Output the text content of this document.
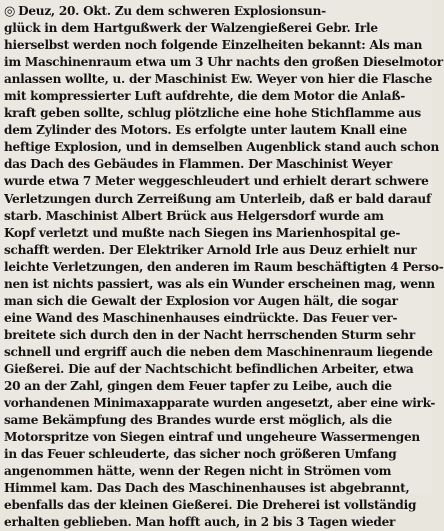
◎ Deuz, 20. Okt. Zu dem schweren Explosionsun-
glück in dem Hartgußwerk der Walzengießerei Gebr. Irle
hierselbst werden noch folgende Einzelheiten bekannt: Als man
im Maschinenraum etwa um 3 Uhr nachts den großen Dieselmotor
anlassen wollte, u. der Maschinist Ew. Weyer von hier die Flasche
mit kompressierter Luft aufdrehte, die dem Motor die Anlaß-
kraft geben sollte, schlug plötzliche eine hohe Stichflamme aus
dem Zylinder des Motors. Es erfolgte unter lautem Knall eine
heftige Explosion, und in demselben Augenblick stand auch schon
das Dach des Gebäudes in Flammen. Der Maschinist Weyer
wurde etwa 7 Meter weggeschleudert und erhielt derart schwere
Verletzungen durch Zerreißung am Unterleib, daß er bald darauf
starb. Maschinist Albert Brück aus Helgersdorf wurde am
Kopf verletzt und mußte nach Siegen ins Marienhospital ge-
schafft werden. Der Elektriker Arnold Irle aus Deuz erhielt nur
leichte Verletzungen, den anderen im Raum beschäftigten 4 Perso-
nen ist nichts passiert, was als ein Wunder erscheinen mag, wenn
man sich die Gewalt der Explosion vor Augen hält, die sogar
eine Wand des Maschinenhauses eindrückte. Das Feuer ver-
breitete sich durch den in der Nacht herrschenden Sturm sehr
schnell und ergriff auch die neben dem Maschinenraum liegende
Gießerei. Die auf der Nachtschicht befindlichen Arbeiter, etwa
20 an der Zahl, gingen dem Feuer tapfer zu Leibe, auch die
vorhandenen Minimaxapparate wurden angesetzt, aber eine wirk-
same Bekämpfung des Brandes wurde erst möglich, als die
Motorspritze von Siegen eintraf und ungeheure Wassermengen
in das Feuer schleuderte, das sicher noch größeren Umfang
angenommen hätte, wenn der Regen nicht in Strömen vom
Himmel kam. Das Dach des Maschinenhauses ist abgebrannt,
ebenfalls das der kleinen Gießerei. Die Dreherei ist vollständig
erhalten geblieben. Man hofft auch, in 2 bis 3 Tagen wieder
